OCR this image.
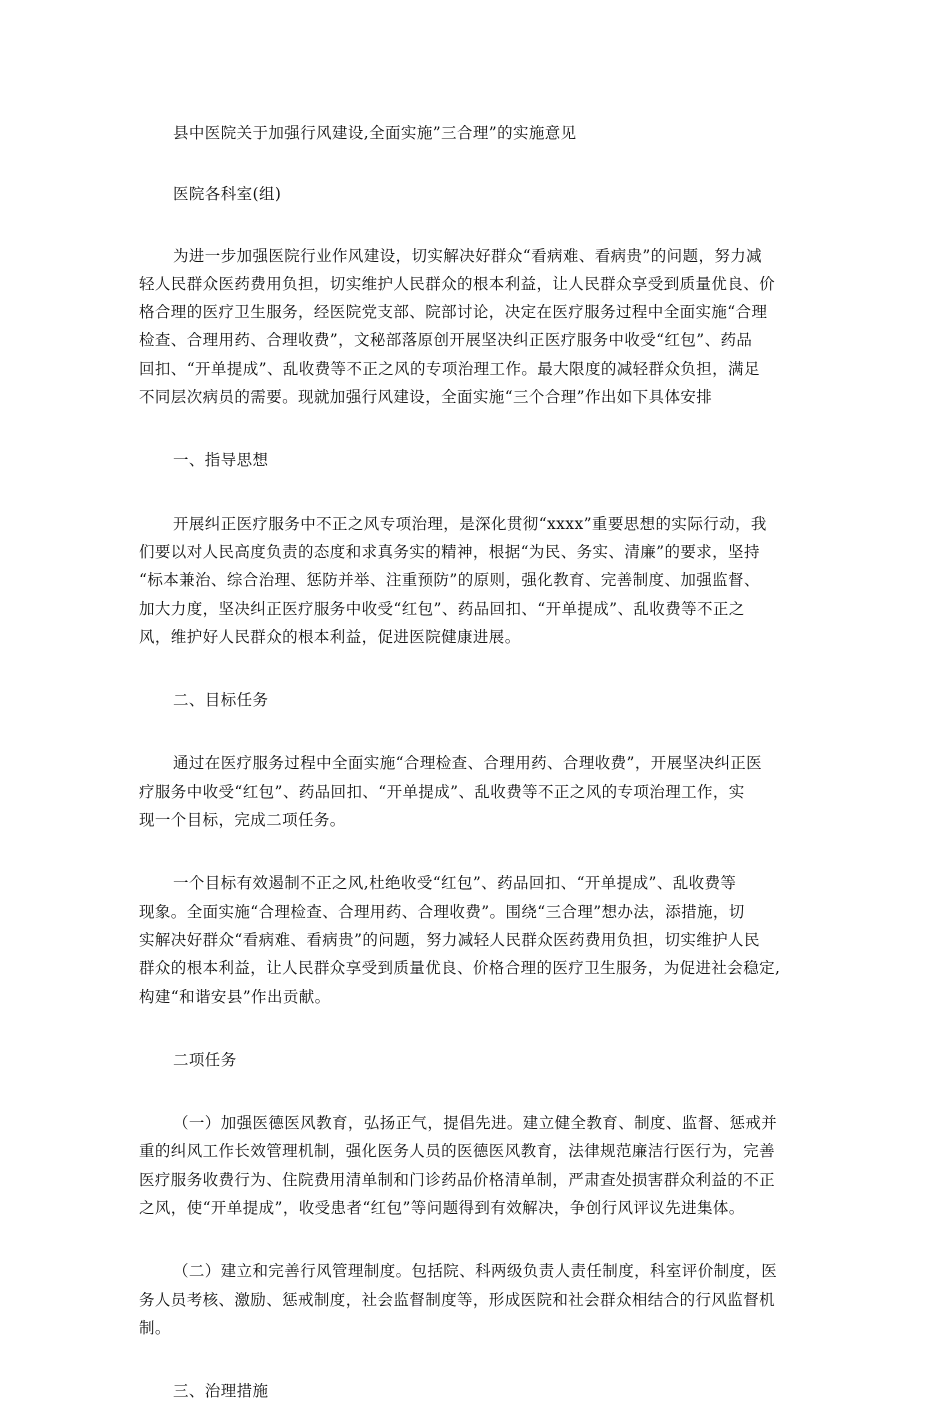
县中医院关于加强行风建设,全面实施”三合理”的实施意见
医院各科室(组)
为进一步加强医院行业作风建设，切实解决好群众“看病难、看病贵”的问题，努力减
轻人民群众医药费用负担，切实维护人民群众的根本利益，让人民群众享受到质量优良、价
格合理的医疗卫生服务，经医院党支部、院部讨论，决定在医疗服务过程中全面实施“合理
检查、合理用药、合理收费”，文秘部落原创开展坚决纠正医疗服务中收受“红包”、药品
回扣、“开单提成”、乱收费等不正之风的专项治理工作。最大限度的减轻群众负担，满足
不同层次病员的需要。现就加强行风建设，全面实施“三个合理”作出如下具体安排
一、指导思想
开展纠正医疗服务中不正之风专项治理，是深化贯彻“xxxx”重要思想的实际行动，我
们要以对人民高度负责的态度和求真务实的精神，根据“为民、务实、清廉”的要求，坚持
“标本兼治、综合治理、惩防并举、注重预防”的原则，强化教育、完善制度、加强监督、
加大力度，坚决纠正医疗服务中收受“红包”、药品回扣、“开单提成”、乱收费等不正之
风，维护好人民群众的根本利益，促进医院健康进展。
二、目标任务
通过在医疗服务过程中全面实施“合理检查、合理用药、合理收费”，开展坚决纠正医
疗服务中收受“红包”、药品回扣、“开单提成”、乱收费等不正之风的专项治理工作，实
现一个目标，完成二项任务。
一个目标有效遏制不正之风,杜绝收受“红包”、药品回扣、“开单提成”、乱收费等
现象。全面实施“合理检查、合理用药、合理收费”。围绕“三合理”想办法，添措施，切
实解决好群众“看病难、看病贵”的问题，努力减轻人民群众医药费用负担，切实维护人民
群众的根本利益，让人民群众享受到质量优良、价格合理的医疗卫生服务，为促进社会稳定,
构建“和谐安县”作出贡献。
二项任务
（一）加强医德医风教育，弘扬正气，提倡先进。建立健全教育、制度、监督、惩戒并
重的纠风工作长效管理机制，强化医务人员的医德医风教育，法律规范廉洁行医行为，完善
医疗服务收费行为、住院费用清单制和门诊药品价格清单制，严肃查处损害群众利益的不正
之风，使“开单提成”，收受患者“红包”等问题得到有效解决，争创行风评议先进集体。
（二）建立和完善行风管理制度。包括院、科两级负责人责任制度，科室评价制度，医
务人员考核、激励、惩戒制度，社会监督制度等，形成医院和社会群众相结合的行风监督机
制。
三、治理措施
